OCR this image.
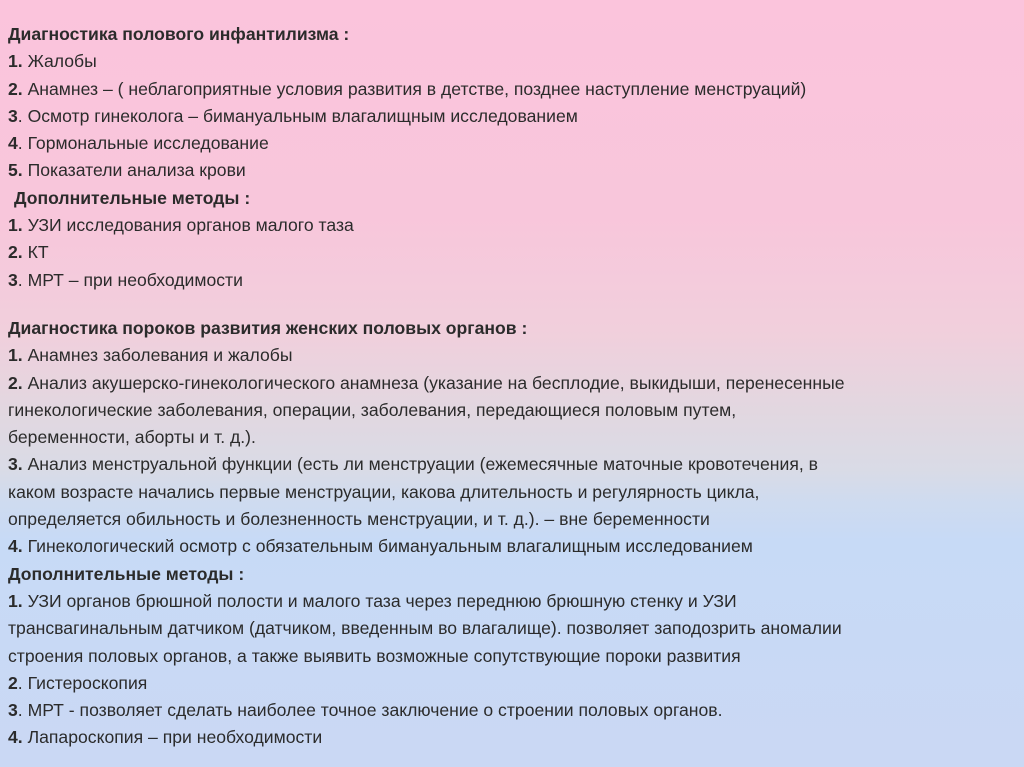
Диагностика полового инфантилизма :
1. Жалобы
2. Анамнез – ( неблагоприятные условия развития в детстве, позднее наступление менструаций)
3. Осмотр гинеколога – бимануальным влагалищным исследованием
4. Гормональные исследование
5. Показатели анализа крови
Дополнительные методы :
1. УЗИ исследования органов малого таза
2. КТ
3. МРТ – при необходимости
Диагностика пороков развития женских половых органов :
1. Анамнез заболевания и жалобы
2. Анализ акушерско-гинекологического анамнеза (указание на бесплодие, выкидыши, перенесенные
гинекологические заболевания, операции, заболевания, передающиеся половым путем,
беременности, аборты и т. д.).
3. Анализ менструальной функции (есть ли менструации (ежемесячные маточные кровотечения, в
каком возрасте начались первые менструации, какова длительность и регулярность цикла,
определяется обильность и болезненность менструации, и т. д.). – вне беременности
4. Гинекологический осмотр с обязательным бимануальным влагалищным исследованием
Дополнительные методы :
1. УЗИ органов брюшной полости и малого таза через переднюю брюшную стенку и УЗИ
трансвагинальным датчиком (датчиком, введенным во влагалище). позволяет заподозрить аномалии
строения половых органов, а также выявить возможные сопутствующие пороки развития
2. Гистероскопия
3. МРТ - позволяет сделать наиболее точное заключение о строении половых органов.
4. Лапароскопия – при необходимости
